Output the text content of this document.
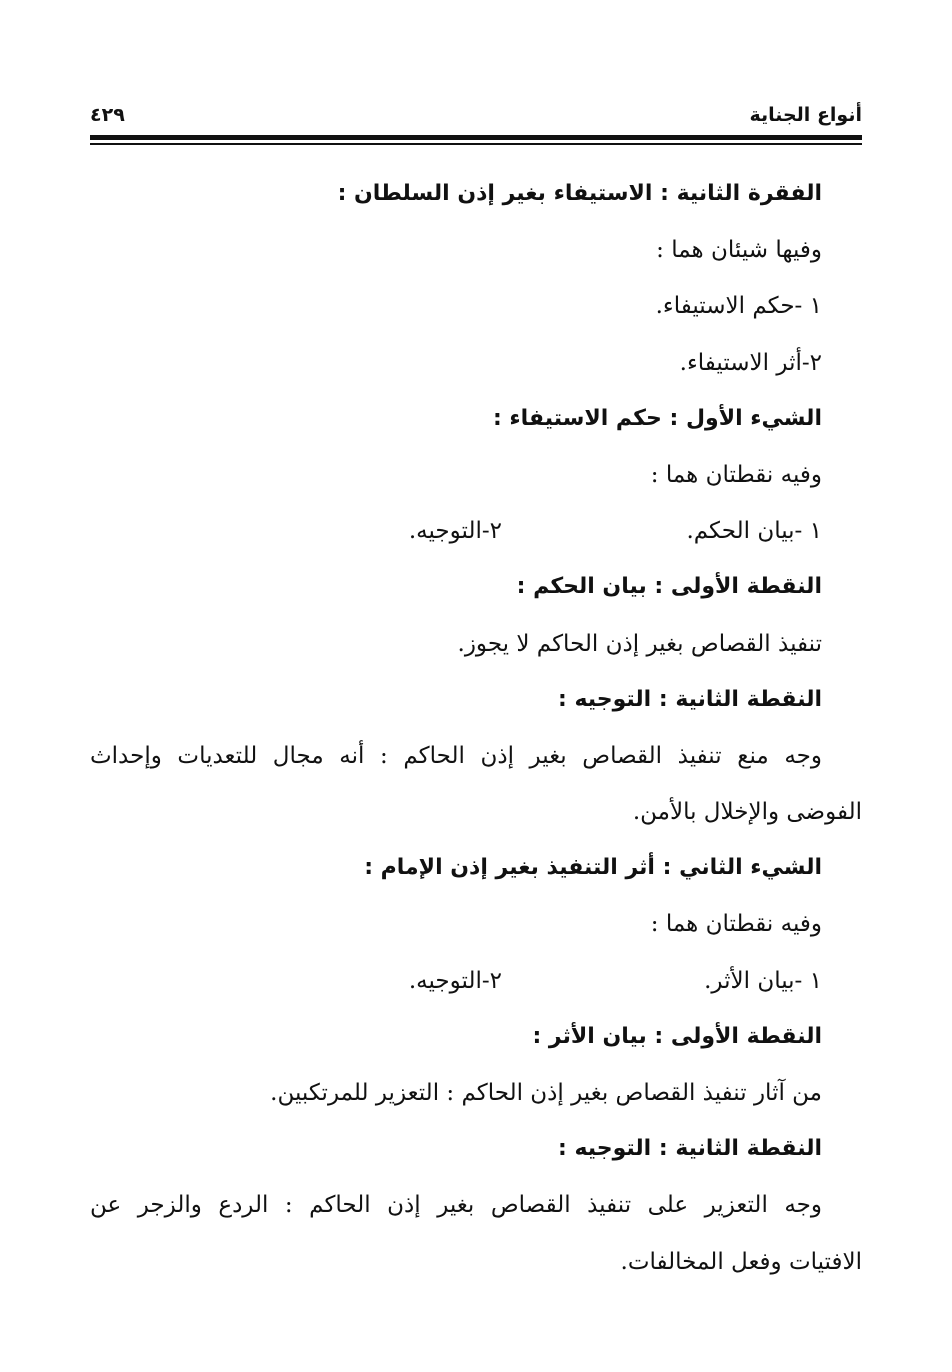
أنواع الجناية
٤٢٩
الفقرة الثانية : الاستيفاء بغير إذن السلطان :
وفيها شيئان هما :
١ -حكم الاستيفاء.
٢-أثر الاستيفاء.
الشيء الأول : حكم الاستيفاء :
وفيه نقطتان هما :
١ -بيان الحكم.
٢-التوجيه.
النقطة الأولى : بيان الحكم :
تنفيذ القصاص بغير إذن الحاكم لا يجوز.
النقطة الثانية : التوجيه :
وجه منع تنفيذ القصاص بغير إذن الحاكم : أنه مجال للتعديات وإحداث
الفوضى والإخلال بالأمن.
الشيء الثاني : أثر التنفيذ بغير إذن الإمام :
وفيه نقطتان هما :
١ -بيان الأثر.
٢-التوجيه.
النقطة الأولى : بيان الأثر :
من آثار تنفيذ القصاص بغير إذن الحاكم : التعزير للمرتكبين.
النقطة الثانية : التوجيه :
وجه التعزير على تنفيذ القصاص بغير إذن الحاكم : الردع والزجر عن
الافتيات وفعل المخالفات.
